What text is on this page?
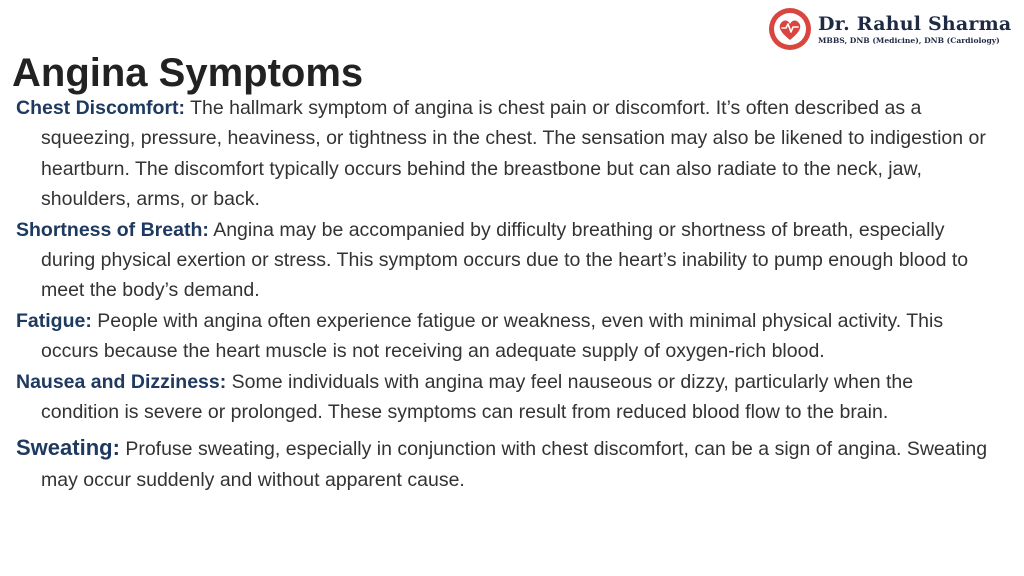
Dr. Rahul Sharma
MBBS, DNB (Medicine), DNB (Cardiology)
Angina Symptoms

Chest Discomfort: The hallmark symptom of angina is chest pain or discomfort. It’s often described as a squeezing, pressure, heaviness, or tightness in the chest. The sensation may also be likened to indigestion or heartburn. The discomfort typically occurs behind the breastbone but can also radiate to the neck, jaw, shoulders, arms, or back.

Shortness of Breath: Angina may be accompanied by difficulty breathing or shortness of breath, especially during physical exertion or stress. This symptom occurs due to the heart’s inability to pump enough blood to meet the body’s demand.

Fatigue: People with angina often experience fatigue or weakness, even with minimal physical activity. This occurs because the heart muscle is not receiving an adequate supply of oxygen-rich blood.

Nausea and Dizziness: Some individuals with angina may feel nauseous or dizzy, particularly when the condition is severe or prolonged. These symptoms can result from reduced blood flow to the brain.

Sweating: Profuse sweating, especially in conjunction with chest discomfort, can be a sign of angina. Sweating may occur suddenly and without apparent cause.
